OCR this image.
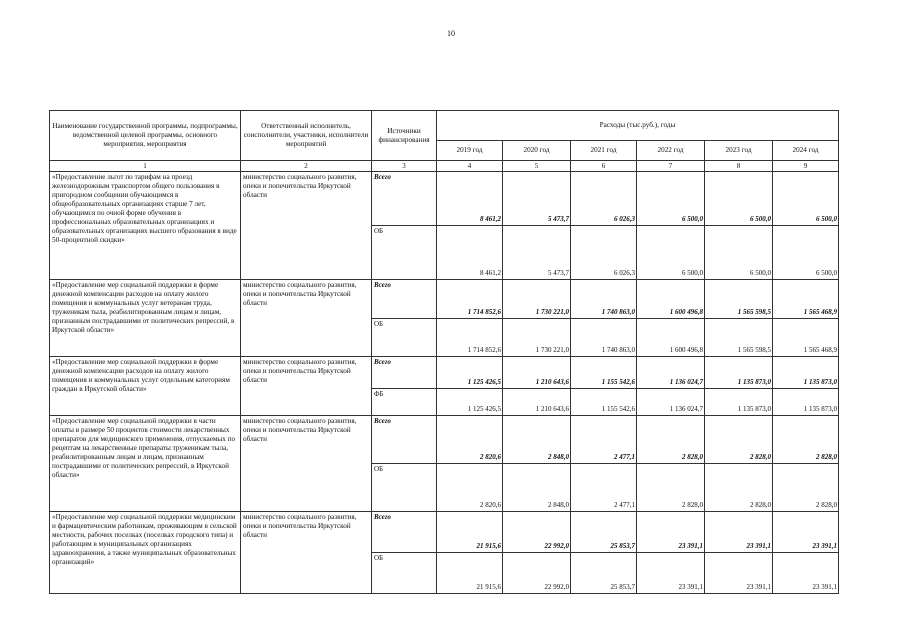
10
Наименование государственной программы, подпрограммы, ведомственной целевой программы, основного мероприятия, мероприятия	Ответственный исполнитель, соисполнители, участники, исполнители мероприятий	Источники финансирования	Расходы (тыс.руб.), годы					
			2019 год	2020 год	2021 год	2022 год	2023 год	2024 год
1	2	3	4	5	6	7	8	9
«Предоставление льгот по тарифам на проезд железнодорожным транспортом общего пользования в пригородном сообщении обучающимся в общеобразовательных организациях старше 7 лет, обучающимся по очной форме обучения в профессиональных образовательных организациях и образовательных организациях высшего образования в виде 50-процентной скидки»	министерство социального развития, опеки и попечительства Иркутской области	Всего	8 461,2	5 473,7	6 026,3	6 500,0	6 500,0	6 500,0
		ОБ	8 461,2	5 473,7	6 026,3	6 500,0	6 500,0	6 500,0
«Предоставление мер социальной поддержки в форме денежной компенсации расходов на оплату жилого помещения и коммунальных услуг ветеранам труда, труженикам тыла, реабилитированным лицам и лицам, признанным пострадавшими от политических репрессий, в Иркутской области»	министерство социального развития, опеки и попечительства Иркутской области	Всего	1 714 852,6	1 730 221,0	1 740 863,0	1 600 496,8	1 565 598,5	1 565 468,9
		ОБ	1 714 852,6	1 730 221,0	1 740 863,0	1 600 496,8	1 565 598,5	1 565 468,9
«Предоставление мер социальной поддержки в форме денежной компенсации расходов на оплату жилого помещения и коммунальных услуг отдельным категориям граждан в Иркутской области»	министерство социального развития, опеки и попечительства Иркутской области	Всего	1 125 426,5	1 210 643,6	1 155 542,6	1 136 024,7	1 135 873,0	1 135 873,0
		ФБ	1 125 426,5	1 210 643,6	1 155 542,6	1 136 024,7	1 135 873,0	1 135 873,0
«Предоставление мер социальной поддержки в части оплаты в размере 50 процентов стоимости лекарственных препаратов для медицинского применения, отпускаемых по рецептам на лекарственные препараты труженикам тыла, реабилитированным лицам и лицам, признанным пострадавшими от политических репрессий, в Иркутской области»	министерство социального развития, опеки и попечительства Иркутской области	Всего	2 820,6	2 848,0	2 477,1	2 828,0	2 828,0	2 828,0
		ОБ	2 820,6	2 848,0	2 477,1	2 828,0	2 828,0	2 828,0
«Предоставление мер социальной поддержки медицинским и фармацевтическим работникам, проживающим в сельской местности, рабочих поселках (поселках городского типа) и работающим в муниципальных организациях здравоохранения, а также муниципальных образовательных организаций»	министерство социального развития, опеки и попечительства Иркутской области	Всего	21 915,6	22 992,0	25 853,7	23 391,1	23 391,1	23 391,1
		ОБ	21 915,6	22 992,0	25 853,7	23 391,1	23 391,1	23 391,1
